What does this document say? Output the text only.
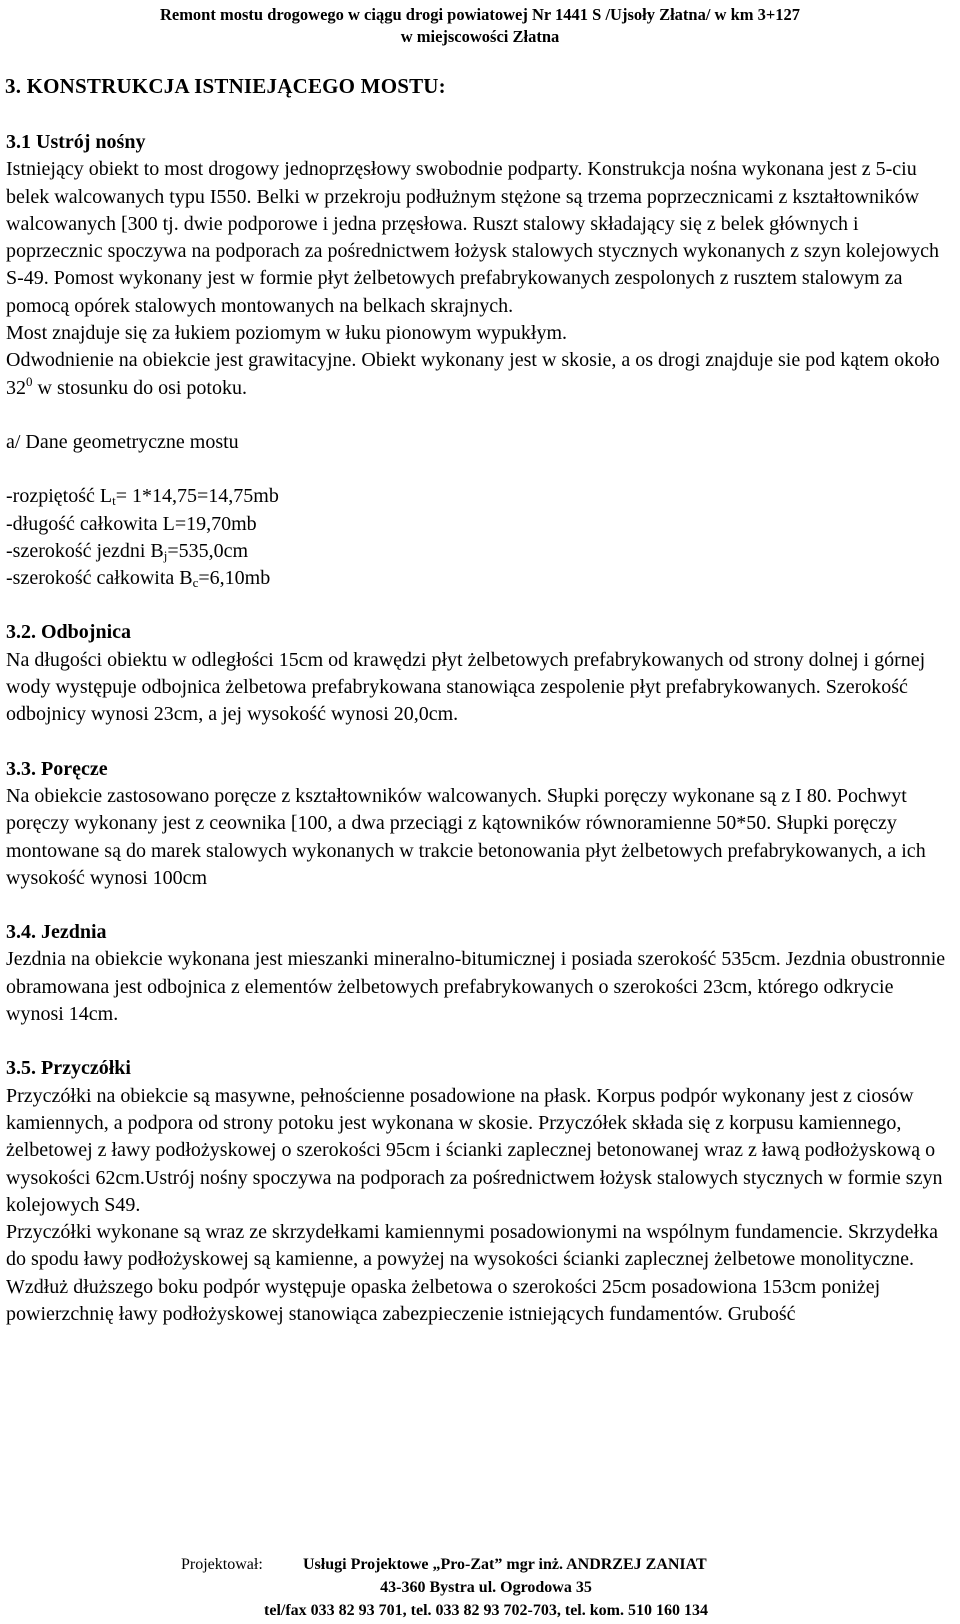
Remont mostu drogowego w ciągu drogi powiatowej Nr 1441 S /Ujsoły Złatna/ w km 3+127
w miejscowości Złatna
3. KONSTRUKCJA ISTNIEJĄCEGO MOSTU:

3.1 Ustrój nośny

Istniejący obiekt to most drogowy jednoprzęsłowy swobodnie podparty. Konstrukcja nośna wykonana jest z 5-ciu belek walcowanych typu I550. Belki w przekroju podłużnym stężone są trzema poprzecznicami z kształtowników walcowanych [300 tj. dwie podporowe i jedna przęsłowa. Ruszt stalowy składający się z belek głównych i poprzecznic spoczywa na podporach za pośrednictwem łożysk stalowych stycznych wykonanych z szyn kolejowych S-49. Pomost wykonany jest w formie płyt żelbetowych prefabrykowanych zespolonych z rusztem stalowym za pomocą opórek stalowych montowanych na belkach skrajnych.

Most znajduje się za łukiem poziomym w łuku pionowym wypukłym.

Odwodnienie na obiekcie jest grawitacyjne. Obiekt wykonany jest w skosie, a os drogi znajduje sie pod kątem około $32^0$ w stosunku do osi potoku.

a/ Dane geometryczne mostu

-rozpiętość $L_t= 1*14,75=14,75mb$

-długość całkowita L=19,70mb

-szerokość jezdni $B_j=535,0cm$

-szerokość całkowita $B_c=6,10mb$

3.2. Odbojnica

Na długości obiektu w odległości 15cm od krawędzi płyt żelbetowych prefabrykowanych od strony dolnej i górnej wody występuje odbojnica żelbetowa prefabrykowana stanowiąca zespolenie płyt prefabrykowanych. Szerokość odbojnicy wynosi 23cm, a jej wysokość wynosi 20,0cm.

3.3. Poręcze

Na obiekcie zastosowano poręcze z kształtowników walcowanych. Słupki poręczy wykonane są z I 80. Pochwyt poręczy wykonany jest z ceownika [100, a dwa przeciągi z kątowników równoramienne 50*50. Słupki poręczy montowane są do marek stalowych wykonanych w trakcie betonowania płyt żelbetowych prefabrykowanych, a ich wysokość wynosi 100cm

3.4. Jezdnia

Jezdnia na obiekcie wykonana jest mieszanki mineralno-bitumicznej i posiada szerokość 535cm. Jezdnia obustronnie obramowana jest odbojnica z elementów żelbetowych prefabrykowanych o szerokości 23cm, którego odkrycie wynosi 14cm.

3.5. Przyczółki

Przyczółki na obiekcie są masywne, pełnościenne posadowione na płask. Korpus podpór wykonany jest z ciosów kamiennych, a podpora od strony potoku jest wykonana w skosie. Przyczółek składa się z korpusu kamiennego, żelbetowej z ławy podłożyskowej o szerokości 95cm i ścianki zaplecznej betonowanej wraz z ławą podłożyskową o wysokości 62cm.Ustrój nośny spoczywa na podporach za pośrednictwem łożysk stalowych stycznych w formie szyn kolejowych S49.

Przyczółki wykonane są wraz ze skrzydełkami kamiennymi posadowionymi na wspólnym fundamencie. Skrzydełka do spodu ławy podłożyskowej są kamienne, a powyżej na wysokości ścianki zaplecznej żelbetowe monolityczne. Wzdłuż dłuższego boku podpór występuje opaska żelbetowa o szerokości 25cm posadowiona 153cm poniżej powierzchnię ławy podłożyskowej stanowiąca zabezpieczenie istniejących fundamentów. Grubość

Projektował:	Usługi Projektowe „Pro-Zat” mgr inż. ANDRZEJ ZANIAT
43-360 Bystra ul. Ogrodowa 35
tel/fax 033 82 93 701, tel. 033 82 93 702-703, tel. kom. 510 160 134
